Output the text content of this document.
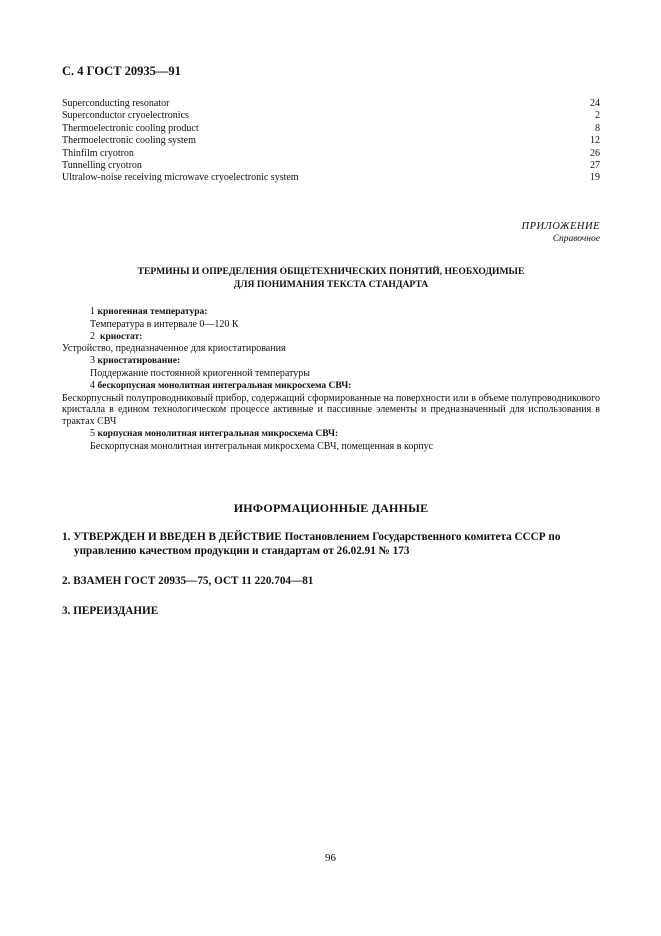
С. 4 ГОСТ 20935—91
Superconducting resonator	24
Superconductor cryoelectronics	2
Thermoelectronic cooling product	8
Thermoelectronic cooling system	12
Thinfilm cryotron	26
Tunnelling cryotron	27
Ultralow-noise receiving microwave cryoelectronic system	19
ПРИЛОЖЕНИЕ
Справочное
ТЕРМИНЫ И ОПРЕДЕЛЕНИЯ ОБЩЕТЕХНИЧЕСКИХ ПОНЯТИЙ, НЕОБХОДИМЫЕ
ДЛЯ ПОНИМАНИЯ ТЕКСТА СТАНДАРТА

1 криогенная температура:

Температура в интервале 0—120 К

2 криостат:

Устройство, предназначенное для криостатирования

3 криостатирование:

Поддержание постоянной криогенной температуры

4 бескорпусная монолитная интегральная микросхема СВЧ:

Бескорпусный полупроводниковый прибор, содержащий сформированные на поверхности или в объеме полупроводникового кристалла в едином технологическом процессе активные и пассивные элементы и предназначенный для использования в трактах СВЧ

5 корпусная монолитная интегральная микросхема СВЧ:

Бескорпусная монолитная интегральная микросхема СВЧ, помещенная в корпус

ИНФОРМАЦИОННЫЕ ДАННЫЕ
1. УТВЕРЖДЕН И ВВЕДЕН В ДЕЙСТВИЕ Постановлением Государственного комитета СССР по
управлению качеством продукции и стандартам от 26.02.91 № 173
2. ВЗАМЕН ГОСТ 20935—75, ОСТ 11 220.704—81
3. ПЕРЕИЗДАНИЕ
96
